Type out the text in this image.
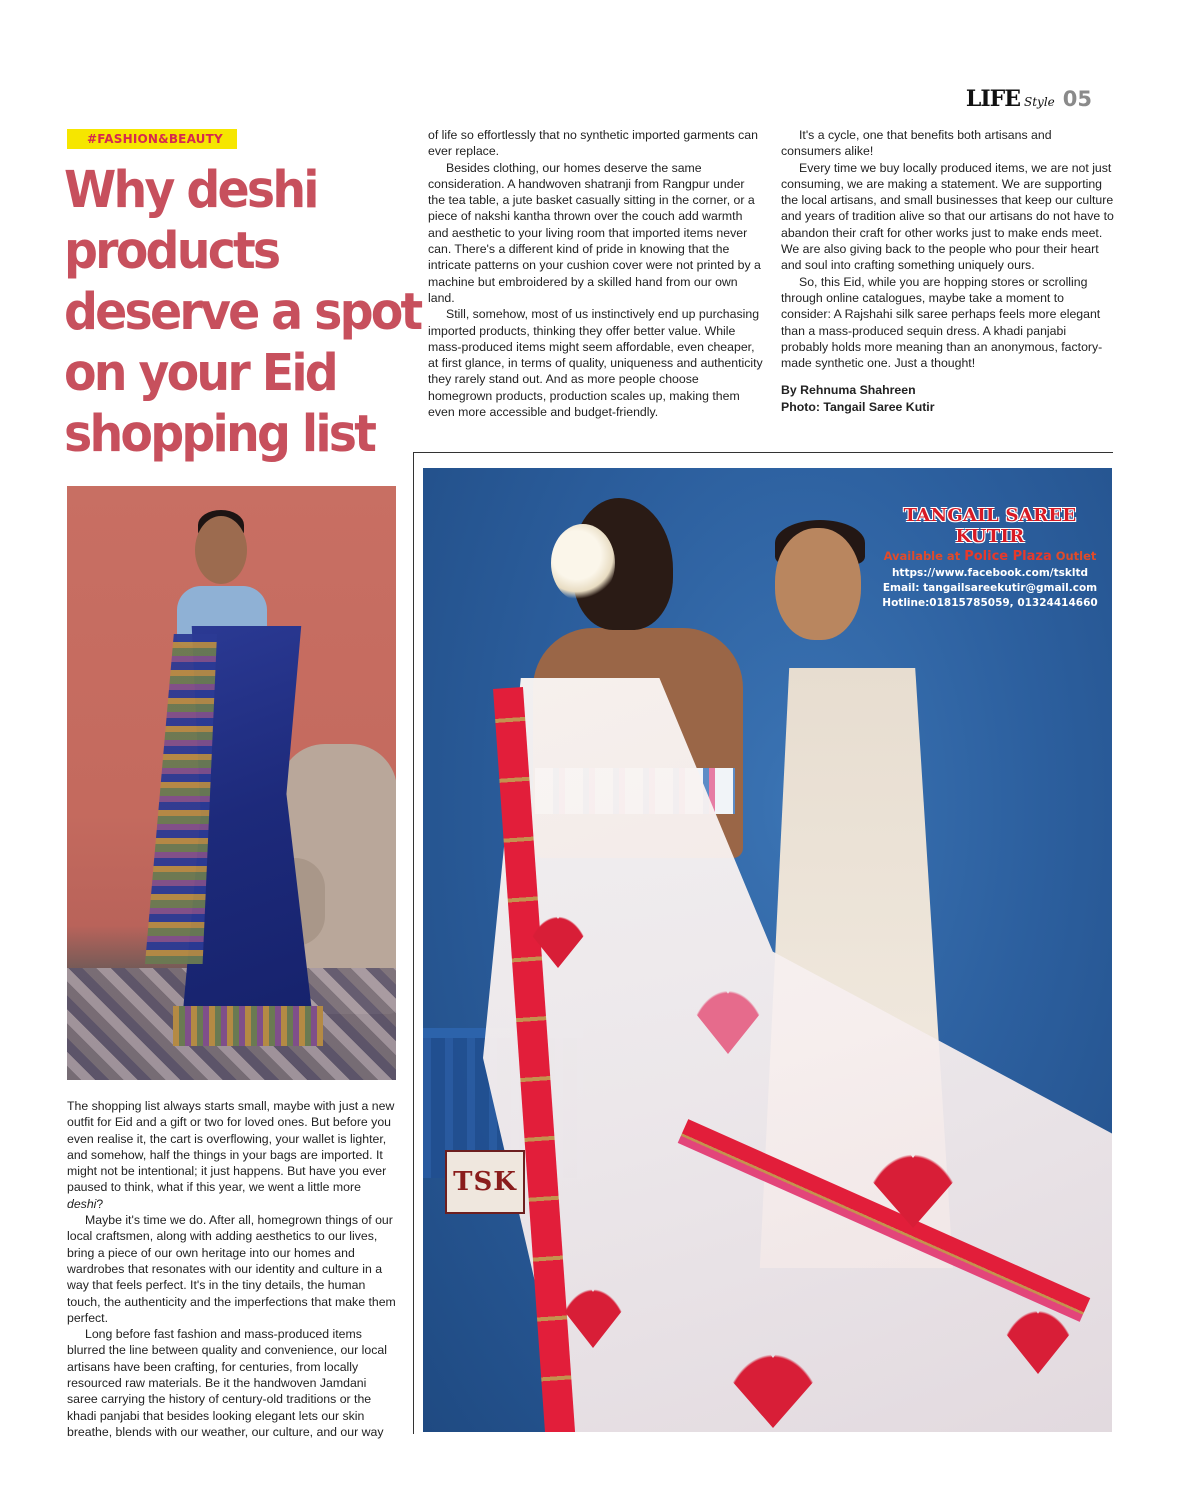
LIFE Style 05
#FASHION&BEAUTY
Why deshi
products
deserve a spot
on your Eid
shopping list

The shopping list always starts small, maybe with just a new outfit for Eid and a gift or two for loved ones. But before you even realise it, the cart is overflowing, your wallet is lighter, and somehow, half the things in your bags are imported. It might not be intentional; it just happens. But have you ever paused to think, what if this year, we went a little more deshi?

Maybe it's time we do. After all, homegrown things of our local craftsmen, along with adding aesthetics to our lives, bring a piece of our own heritage into our homes and wardrobes that resonates with our identity and culture in a way that feels perfect. It's in the tiny details, the human touch, the authenticity and the imperfections that make them perfect.

Long before fast fashion and mass-produced items blurred the line between quality and convenience, our local artisans have been crafting, for centuries, from locally resourced raw materials. Be it the handwoven Jamdani saree carrying the history of century-old traditions or the khadi panjabi that besides looking elegant lets our skin breathe, blends with our weather, our culture, and our way

of life so effortlessly that no synthetic imported garments can ever replace.

Besides clothing, our homes deserve the same consideration. A handwoven shatranji from Rangpur under the tea table, a jute basket casually sitting in the corner, or a piece of nakshi kantha thrown over the couch add warmth and aesthetic to your living room that imported items never can. There's a different kind of pride in knowing that the intricate patterns on your cushion cover were not printed by a machine but embroidered by a skilled hand from our own land.

Still, somehow, most of us instinctively end up purchasing imported products, thinking they offer better value. While mass-produced items might seem affordable, even cheaper, at first glance, in terms of quality, uniqueness and authenticity they rarely stand out. And as more people choose homegrown products, production scales up, making them even more accessible and budget-friendly.

It's a cycle, one that benefits both artisans and consumers alike!

Every time we buy locally produced items, we are not just consuming, we are making a statement. We are supporting the local artisans, and small businesses that keep our culture and years of tradition alive so that our artisans do not have to abandon their craft for other works just to make ends meet. We are also giving back to the people who pour their heart and soul into crafting something uniquely ours.

So, this Eid, while you are hopping stores or scrolling through online catalogues, maybe take a moment to consider: A Rajshahi silk saree perhaps feels more elegant than a mass-produced sequin dress. A khadi panjabi probably holds more meaning than an anonymous, factory-made synthetic one. Just a thought!

By Rehnuma Shahreen

Photo: Tangail Saree Kutir

TANGAIL SAREE KUTIR
Available at Police Plaza Outlet
https://www.facebook.com/tskltd
Email: tangailsareekutir@gmail.com
Hotline:01815785059, 01324414660
TSK
